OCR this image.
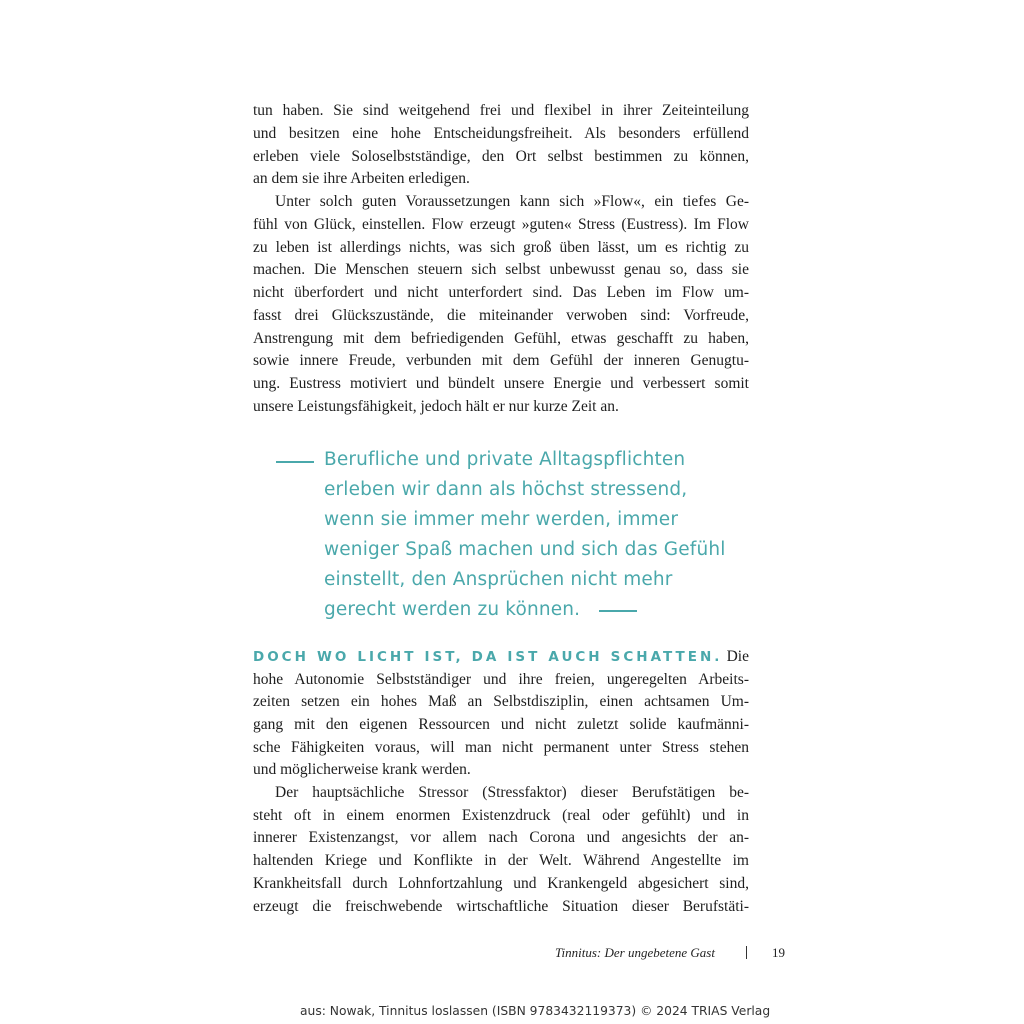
tun haben. Sie sind weitgehend frei und flexibel in ihrer Zeiteinteilung
und besitzen eine hohe Entscheidungsfreiheit. Als besonders erfüllend
erleben viele Soloselbstständige, den Ort selbst bestimmen zu können,
an dem sie ihre Arbeiten erledigen.
Unter solch guten Voraussetzungen kann sich »Flow«, ein tiefes Ge-
fühl von Glück, einstellen. Flow erzeugt »guten« Stress (Eustress). Im Flow
zu leben ist allerdings nichts, was sich groß üben lässt, um es richtig zu
machen. Die Menschen steuern sich selbst unbewusst genau so, dass sie
nicht überfordert und nicht unterfordert sind. Das Leben im Flow um-
fasst drei Glückszustände, die miteinander verwoben sind: Vorfreude,
Anstrengung mit dem befriedigenden Gefühl, etwas geschafft zu haben,
sowie innere Freude, verbunden mit dem Gefühl der inneren Genugtu-
ung. Eustress motiviert und bündelt unsere Energie und verbessert somit
unsere Leistungsfähigkeit, jedoch hält er nur kurze Zeit an.
Berufliche und private Alltagspflichten
erleben wir dann als höchst stressend,
wenn sie immer mehr werden, immer
weniger Spaß machen und sich das Gefühl
einstellt, den Ansprüchen nicht mehr
gerecht werden zu können.
DOCH WO LICHT IST, DA IST AUCH SCHATTEN. Die
hohe Autonomie Selbstständiger und ihre freien, ungeregelten Arbeits-
zeiten setzen ein hohes Maß an Selbstdisziplin, einen achtsamen Um-
gang mit den eigenen Ressourcen und nicht zuletzt solide kaufmänni-
sche Fähigkeiten voraus, will man nicht permanent unter Stress stehen
und möglicherweise krank werden.
Der hauptsächliche Stressor (Stressfaktor) dieser Berufstätigen be-
steht oft in einem enormen Existenzdruck (real oder gefühlt) und in
innerer Existenzangst, vor allem nach Corona und angesichts der an-
haltenden Kriege und Konflikte in der Welt. Während Angestellte im
Krankheitsfall durch Lohnfortzahlung und Krankengeld abgesichert sind,
erzeugt die freischwebende wirtschaftliche Situation dieser Berufstäti-
Tinnitus: Der ungebetene Gast	19
aus: Nowak, Tinnitus loslassen (ISBN 9783432119373) © 2024 TRIAS Verlag
